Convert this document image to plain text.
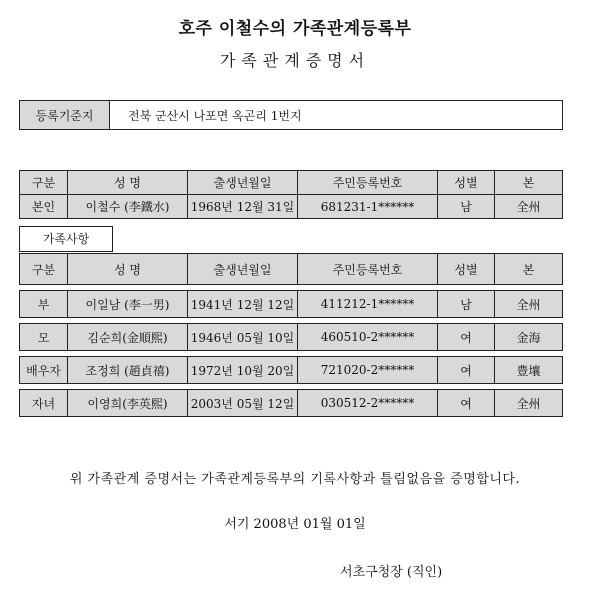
호주 이철수의 가족관계등록부
가족관계증명서
등록기준지	전북 군산시 나포면 옥곤리 1번지
구분	성 명	출생년월일	주민등록번호	성별	본
본인	이철수 (李鐵水)	1968년 12월 31일	681231-1******	남	全州
가족사항
구분	성 명	출생년월일	주민등록번호	성별	본

부	이일남 (李一男)	1941년 12월 12일	411212-1******	남	全州

모	김순희(金順熙)	1946년 05월 10일	460510-2******	여	金海

배우자	조정희 (趙貞禧)	1972년 10월 20일	721020-2******	여	豊壤

자녀	이영희(李英熙)	2003년 05월 12일	030512-2******	여	全州
위 가족관계 증명서는 가족관계등록부의 기록사항과 틀림없음을 증명합니다.
서기 2008년 01월 01일
서초구청장 (직인)
